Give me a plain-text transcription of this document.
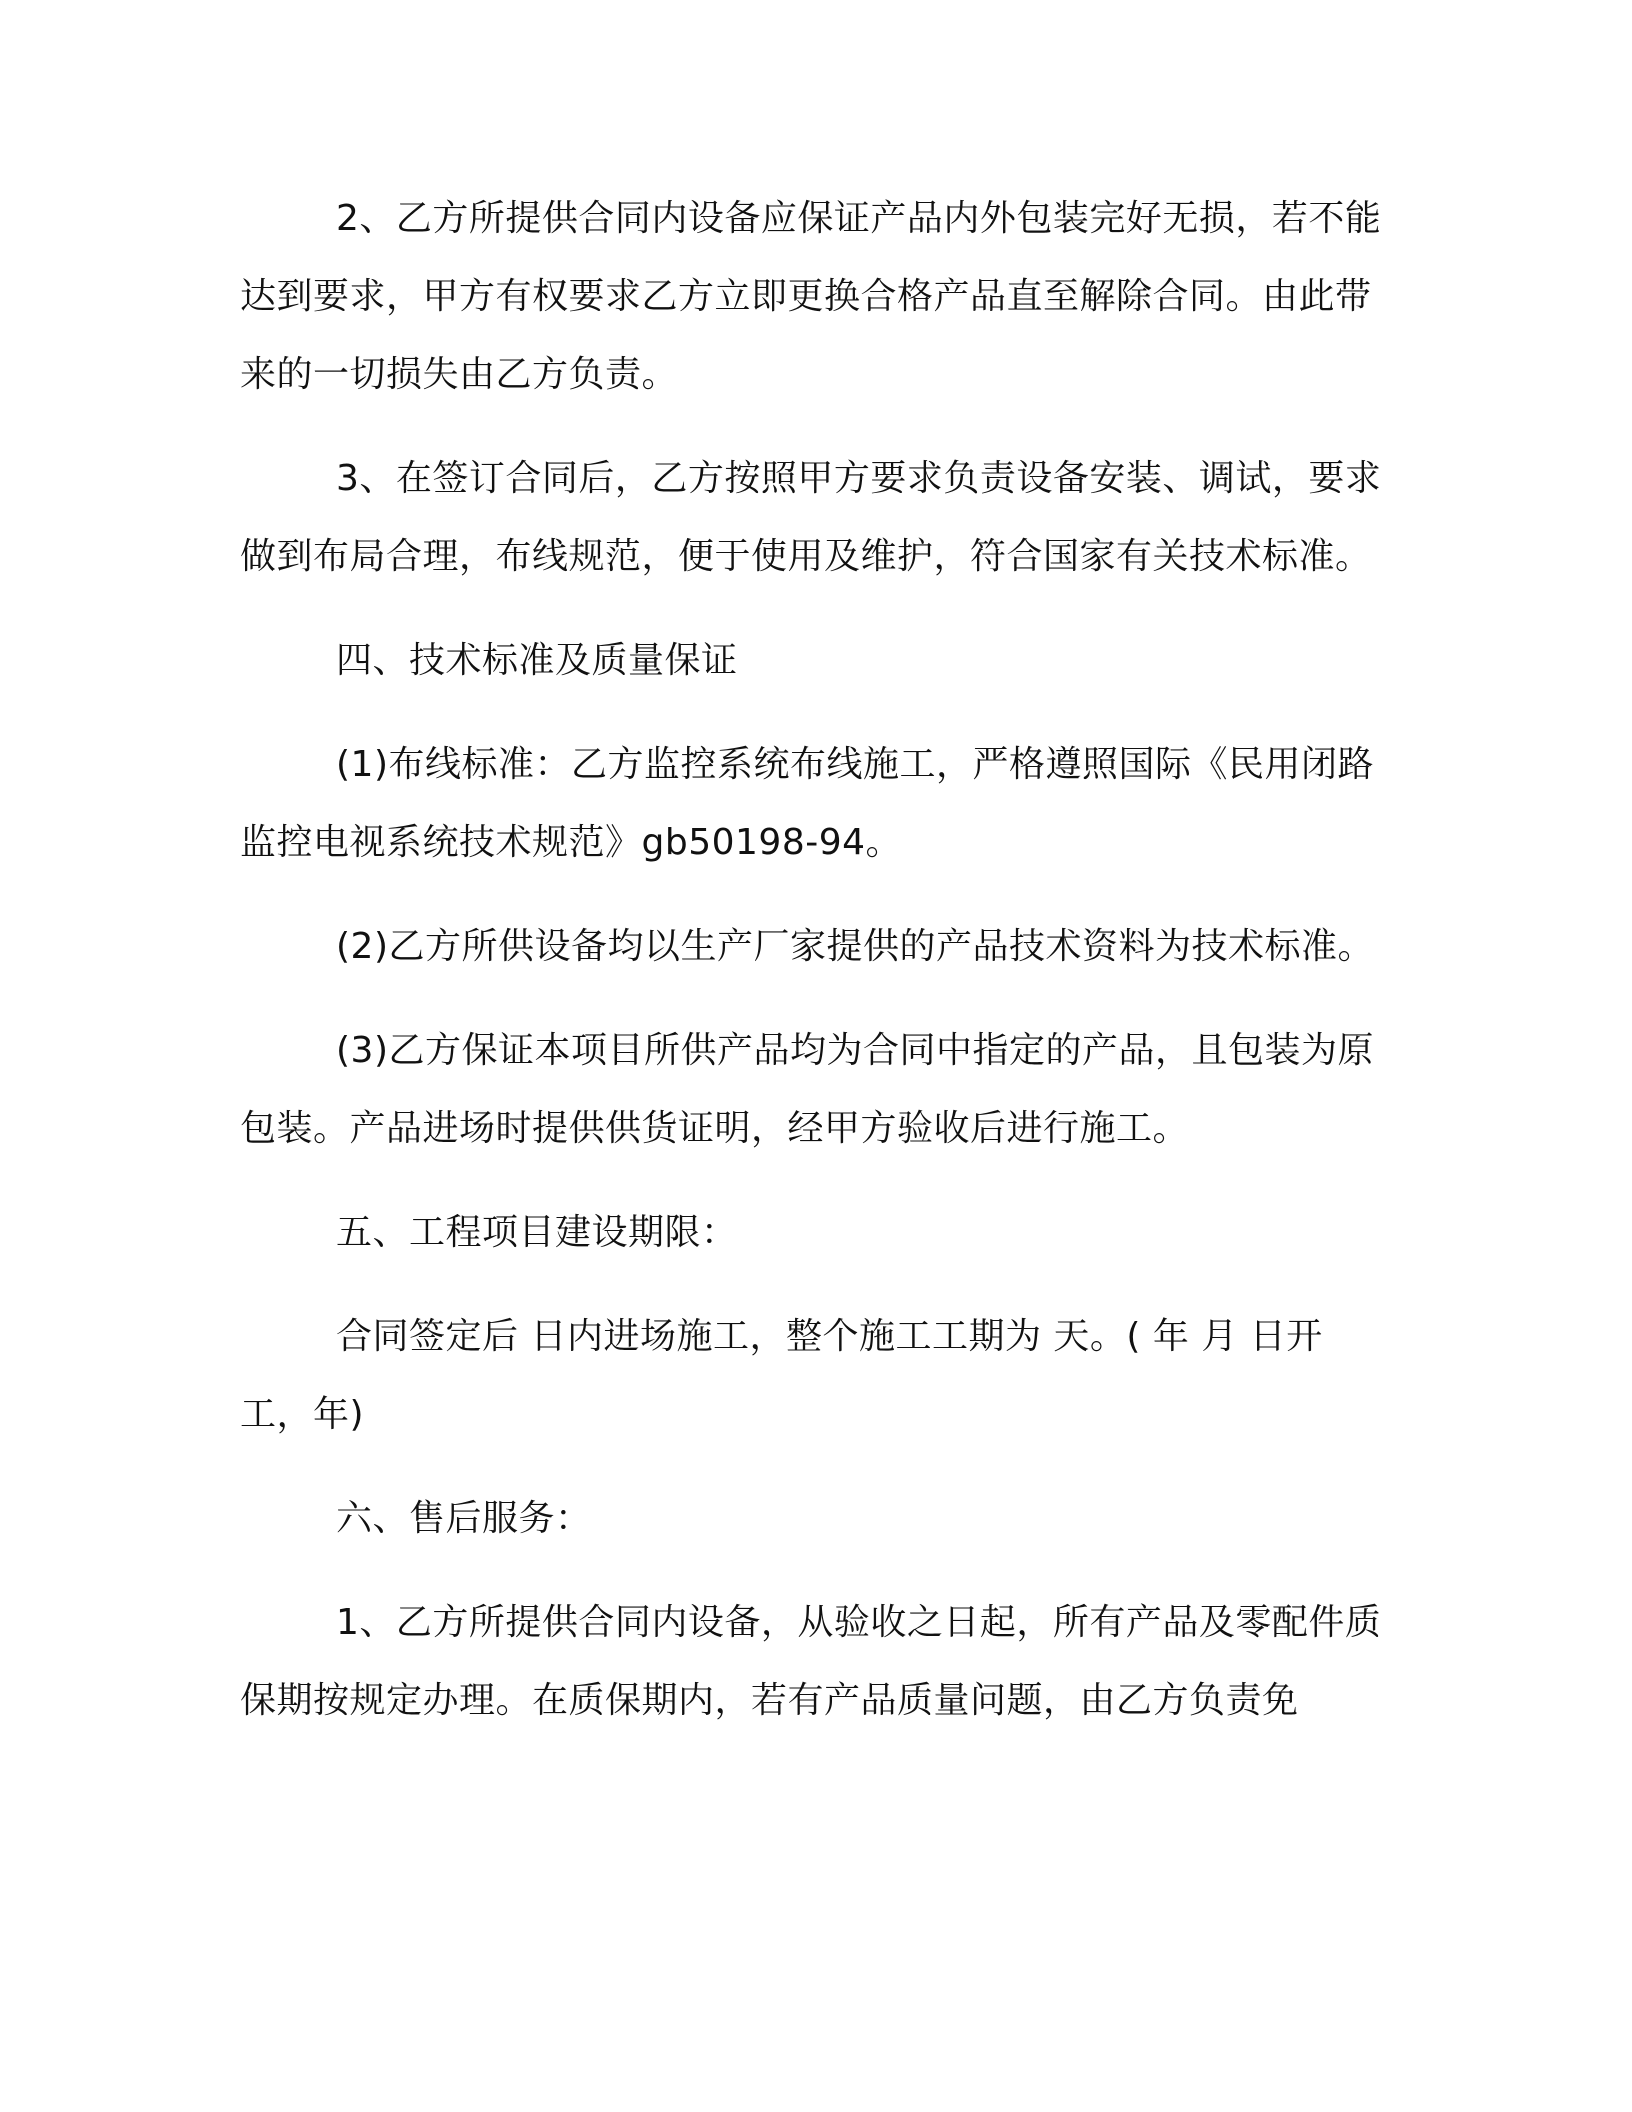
2、乙方所提供合同内设备应保证产品内外包装完好无损，若不能达到要求，甲方有权要求乙方立即更换合格产品直至解除合同。由此带来的一切损失由乙方负责。

3、在签订合同后，乙方按照甲方要求负责设备安装、调试，要求做到布局合理，布线规范，便于使用及维护，符合国家有关技术标准。

四、技术标准及质量保证

(1)布线标准：乙方监控系统布线施工，严格遵照国际《民用闭路监控电视系统技术规范》gb50198-94。

(2)乙方所供设备均以生产厂家提供的产品技术资料为技术标准。

(3)乙方保证本项目所供产品均为合同中指定的产品，且包装为原包装。产品进场时提供供货证明，经甲方验收后进行施工。

五、工程项目建设期限：

合同签定后 日内进场施工，整个施工工期为 天。( 年 月 日开工，年)

六、售后服务：

1、乙方所提供合同内设备，从验收之日起，所有产品及零配件质保期按规定办理。在质保期内，若有产品质量问题，由乙方负责免
